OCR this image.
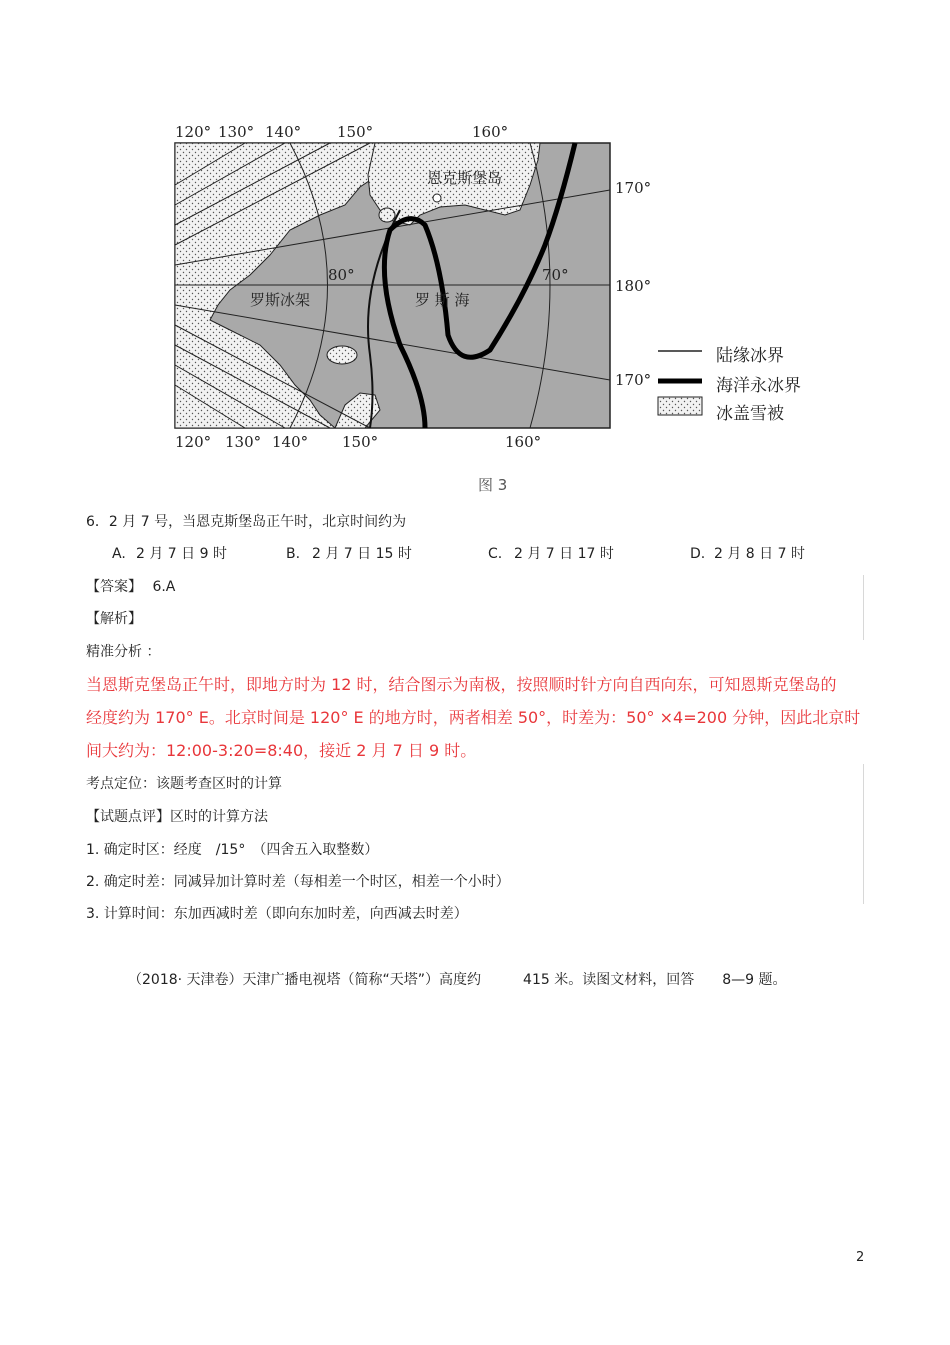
120° 130° 140° 150°	160°
120° 130° 140° 150°	160°
170°
180°
170°
80°	70°
恩克斯堡岛
罗斯冰架	罗 斯 海
陆缘冰界
海洋永冰界
冰盖雪被
图 3
6．2 月 7 号，当恩克斯堡岛正午时，北京时间约为
A. 2 月 7 日 9 时	B. 2 月 7 日 15 时	C. 2 月 7 日 17 时	D. 2 月 8 日 7 时
【答案】 6.A
【解析】
精准分析 ：
当恩斯克堡岛正午时，即地方时为 12 时，结合图示为南极，按照顺时针方向自西向东，可知恩斯克堡岛的
经度约为 170° E。北京时间是 120° E 的地方时，两者相差 50°，时差为：50° ×4=200 分钟，因此北京时
间大约为：12:00-3:20=8:40，接近 2 月 7 日 9 时。
考点定位：该题考查区时的计算
【试题点评】区时的计算方法
1. 确定时区：经度　/15°　（四舍五入取整数）
2. 确定时差：同减异加计算时差（每相差一个时区，相差一个小时）
3. 计算时间：东加西减时差（即向东加时差，向西减去时差）
（2018· 天津卷）天津广播电视塔（简称“天塔”）高度约　　　415 米。读图文材料，回答　　8—9 题。
2
